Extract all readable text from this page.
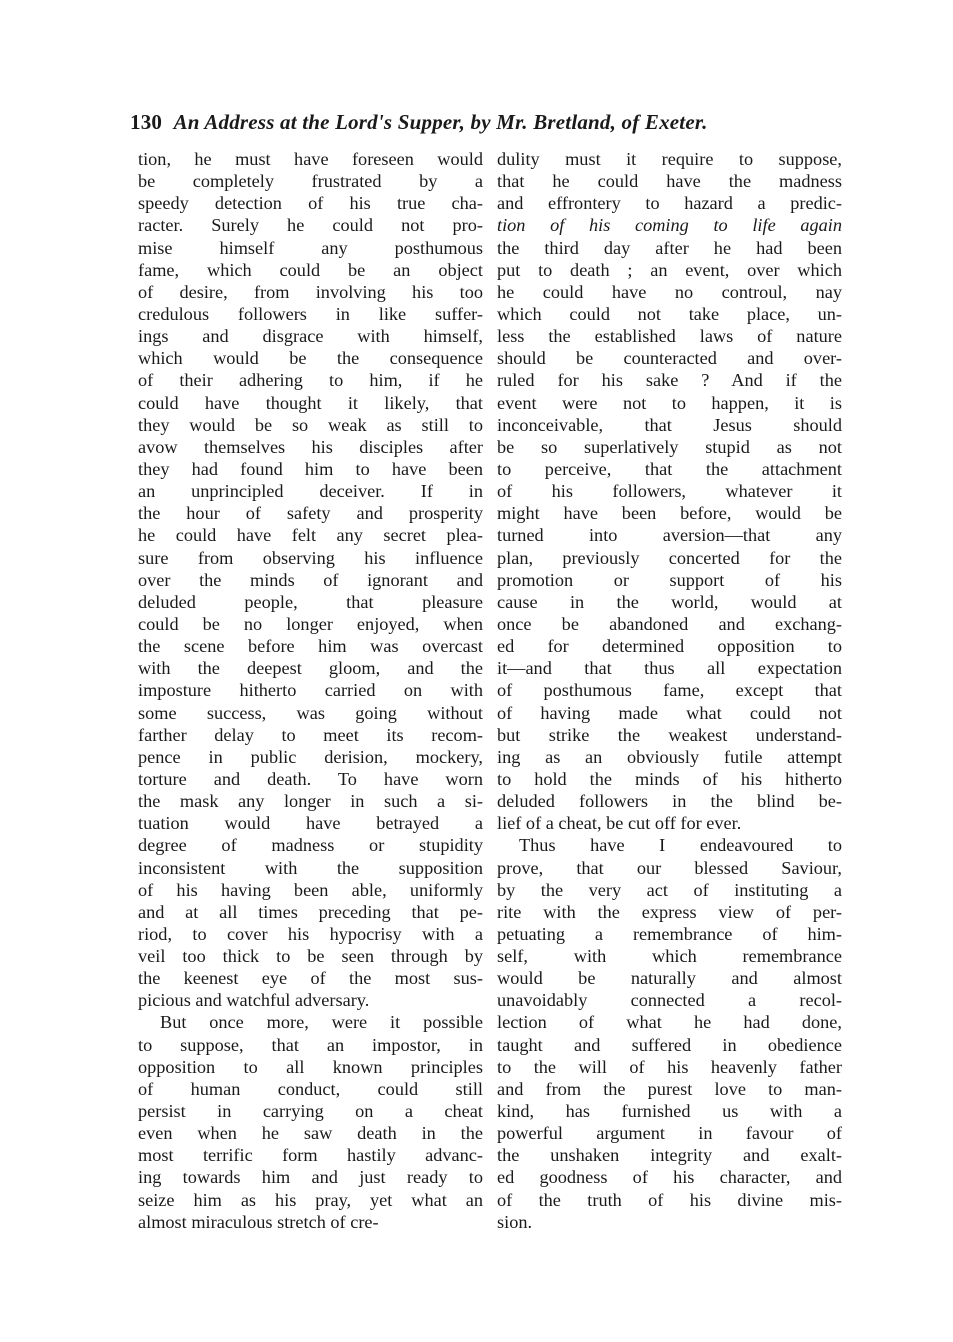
130 An Address at the Lord's Supper, by Mr. Bretland, of Exeter.
tion, he must have foreseen would
be completely frustrated by a
speedy detection of his true cha-
racter. Surely he could not pro-
mise himself any posthumous
fame, which could be an object
of desire, from involving his too
credulous followers in like suffer-
ings and disgrace with himself,
which would be the consequence
of their adhering to him, if he
could have thought it likely, that
they would be so weak as still to
avow themselves his disciples after
they had found him to have been
an unprincipled deceiver. If in
the hour of safety and prosperity
he could have felt any secret plea-
sure from observing his influence
over the minds of ignorant and
deluded people, that pleasure
could be no longer enjoyed, when
the scene before him was overcast
with the deepest gloom, and the
imposture hitherto carried on with
some success, was going without
farther delay to meet its recom-
pence in public derision, mockery,
torture and death. To have worn
the mask any longer in such a si-
tuation would have betrayed a
degree of madness or stupidity
inconsistent with the supposition
of his having been able, uniformly
and at all times preceding that pe-
riod, to cover his hypocrisy with a
veil too thick to be seen through by
the keenest eye of the most sus-
picious and watchful adversary.
But once more, were it possible
to suppose, that an impostor, in
opposition to all known principles
of human conduct, could still
persist in carrying on a cheat
even when he saw death in the
most terrific form hastily advanc-
ing towards him and just ready to
seize him as his pray, yet what an
almost miraculous stretch of cre-
dulity must it require to suppose,
that he could have the madness
and effrontery to hazard a predic-
tion of his coming to life again
the third day after he had been
put to death ; an event, over which
he could have no controul, nay
which could not take place, un-
less the established laws of nature
should be counteracted and over-
ruled for his sake ? And if the
event were not to happen, it is
inconceivable, that Jesus should
be so superlatively stupid as not
to perceive, that the attachment
of his followers, whatever it
might have been before, would be
turned into aversion—that any
plan, previously concerted for the
promotion or support of his
cause in the world, would at
once be abandoned and exchang-
ed for determined opposition to
it—and that thus all expectation
of posthumous fame, except that
of having made what could not
but strike the weakest understand-
ing as an obviously futile attempt
to hold the minds of his hitherto
deluded followers in the blind be-
lief of a cheat, be cut off for ever.
Thus have I endeavoured to
prove, that our blessed Saviour,
by the very act of instituting a
rite with the express view of per-
petuating a remembrance of him-
self, with which remembrance
would be naturally and almost
unavoidably connected a recol-
lection of what he had done,
taught and suffered in obedience
to the will of his heavenly father
and from the purest love to man-
kind, has furnished us with a
powerful argument in favour of
the unshaken integrity and exalt-
ed goodness of his character, and
of the truth of his divine mis-
sion.
